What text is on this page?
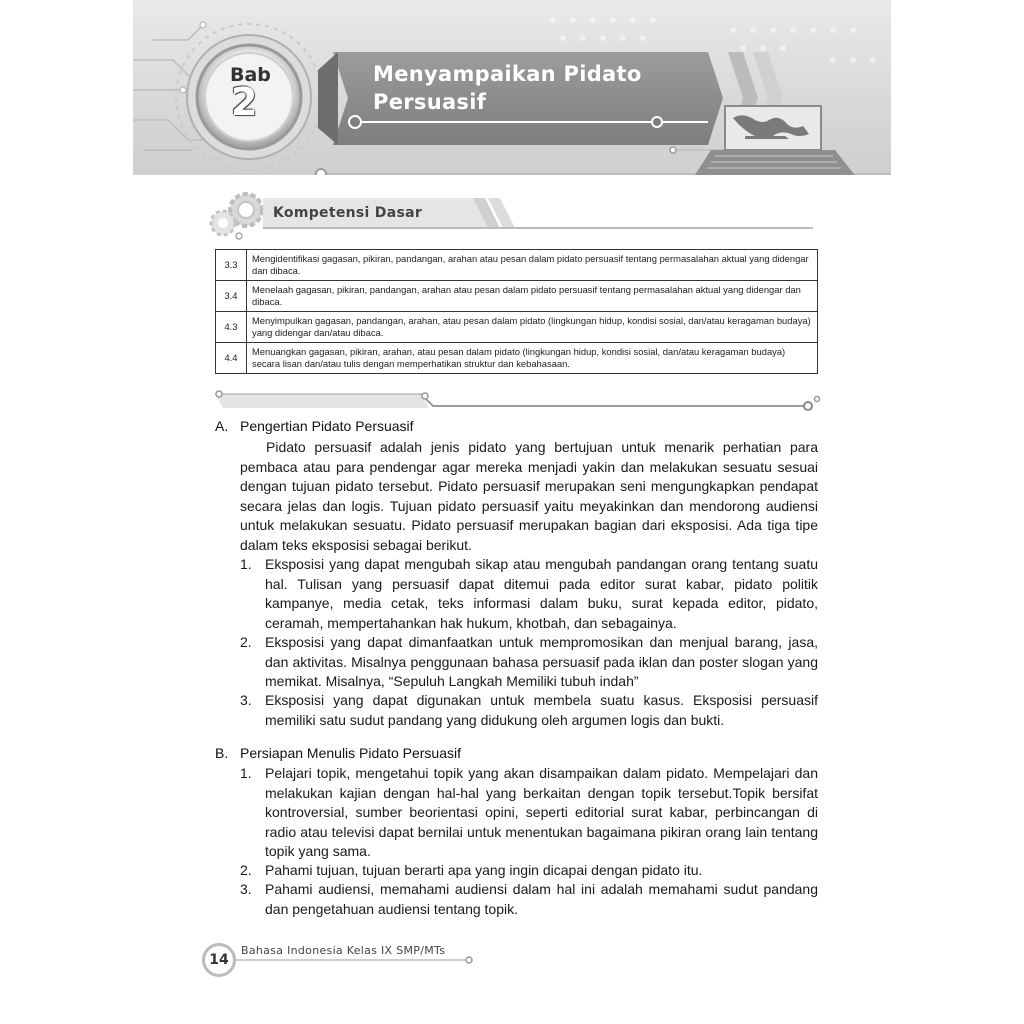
Bab
2
Menyampaikan Pidato
Persuasif
Kompetensi Dasar
3.3	Mengidentifikasi gagasan, pikiran, pandangan, arahan atau pesan dalam pidato persuasif tentang permasalahan aktual yang didengar dan dibaca.
3.4	Menelaah gagasan, pikiran, pandangan, arahan atau pesan dalam pidato persuasif tentang permasalahan aktual yang didengar dan dibaca.
4.3	Menyimpulkan gagasan, pandangan, arahan, atau pesan dalam pidato (lingkungan hidup, kondisi sosial, dan/atau keragaman budaya) yang didengar dan/atau dibaca.
4.4	Menuangkan gagasan, pikiran, arahan, atau pesan dalam pidato (lingkungan hidup, kondisi sosial, dan/atau keragaman budaya) secara lisan dan/atau tulis dengan memperhatikan struktur dan kebahasaan.
A. Pengertian Pidato Persuasif
Pidato persuasif adalah jenis pidato yang bertujuan untuk menarik perhatian para pembaca atau para pendengar agar mereka menjadi yakin dan melakukan sesuatu sesuai dengan tujuan pidato tersebut. Pidato persuasif merupakan seni mengungkapkan pendapat secara jelas dan logis. Tujuan pidato persuasif yaitu meyakinkan dan mendorong audiensi untuk melakukan sesuatu. Pidato persuasif merupakan bagian dari eksposisi. Ada tiga tipe dalam teks eksposisi sebagai berikut.
1. Eksposisi yang dapat mengubah sikap atau mengubah pandangan orang tentang suatu hal. Tulisan yang persuasif dapat ditemui pada editor surat kabar, pidato politik kampanye, media cetak, teks informasi dalam buku, surat kepada editor, pidato, ceramah, mempertahankan hak hukum, khotbah, dan sebagainya.
2. Eksposisi yang dapat dimanfaatkan untuk mempromosikan dan menjual barang, jasa, dan aktivitas. Misalnya penggunaan bahasa persuasif pada iklan dan poster slogan yang memikat. Misalnya, “Sepuluh Langkah Memiliki tubuh indah”
3. Eksposisi yang dapat digunakan untuk membela suatu kasus. Eksposisi persuasif memiliki satu sudut pandang yang didukung oleh argumen logis dan bukti.
B. Persiapan Menulis Pidato Persuasif
1. Pelajari topik, mengetahui topik yang akan disampaikan dalam pidato. Mempelajari dan melakukan kajian dengan hal-hal yang berkaitan dengan topik tersebut.Topik bersifat kontroversial, sumber beorientasi opini, seperti editorial surat kabar, perbincangan di radio atau televisi dapat bernilai untuk menentukan bagaimana pikiran orang lain tentang topik yang sama.
2. Pahami tujuan, tujuan berarti apa yang ingin dicapai dengan pidato itu.
3. Pahami audiensi, memahami audiensi dalam hal ini adalah memahami sudut pandang dan pengetahuan audiensi tentang topik.
14
Bahasa Indonesia Kelas IX SMP/MTs
